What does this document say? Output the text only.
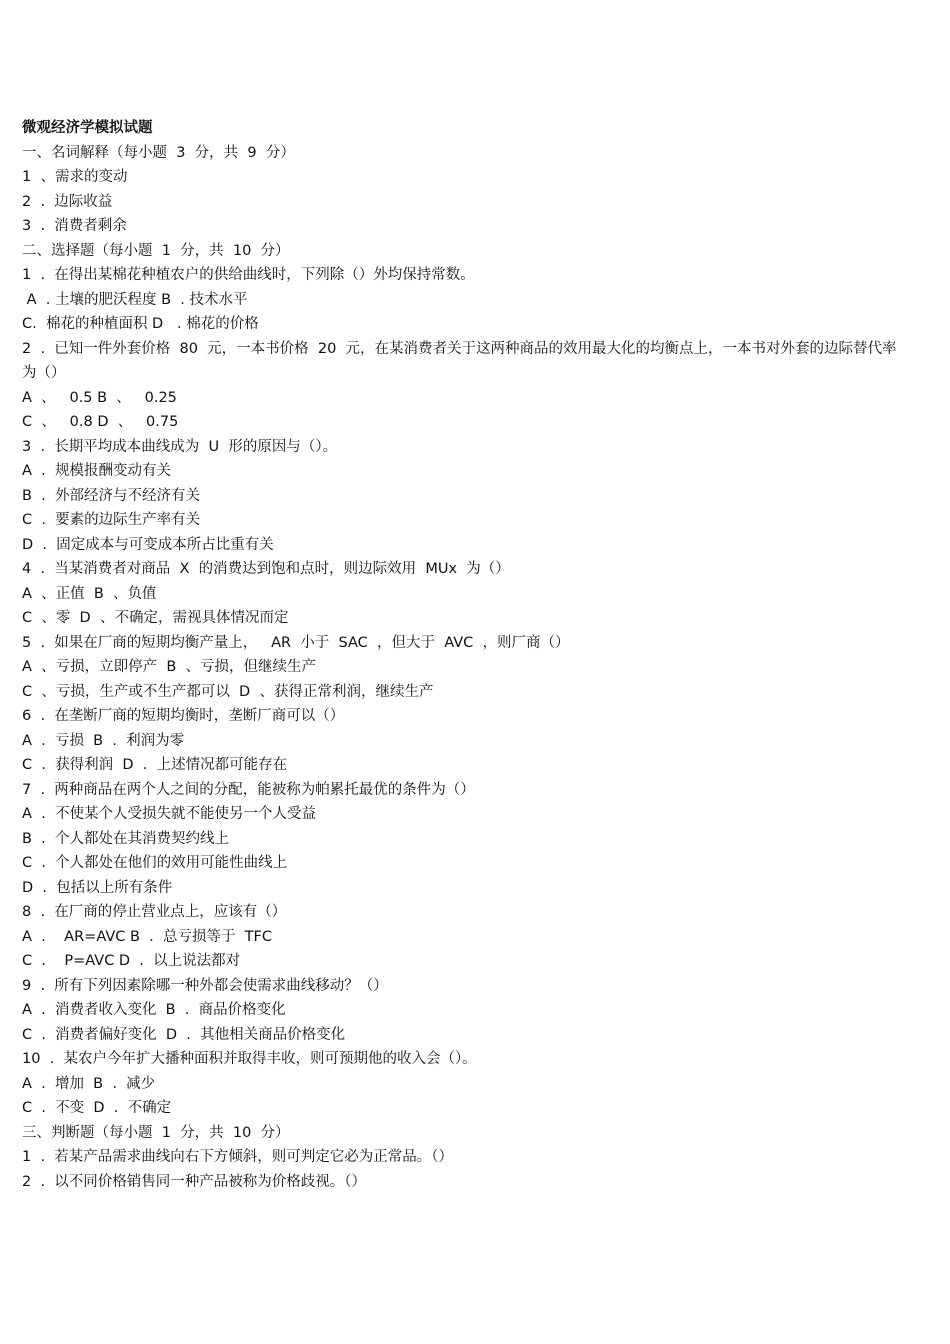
微观经济学模拟试题
一、名词解释（每小题  3  分，共  9  分）
1  、需求的变动
2  .  边际收益
3  .  消费者剩余
二、选择题（每小题  1  分，共  10  分）
1  .  在得出某棉花种植农户的供给曲线时，下列除（）外均保持常数。
A  . 土壤的肥沃程度 B  . 技术水平
C.  棉花的种植面积 D   . 棉花的价格
2  .  已知一件外套价格  80  元，一本书价格  20  元，在某消费者关于这两种商品的效用最大化的均衡点上，一本书对外套的边际替代率为（）
A  、   0.5 B  、   0.25
C  、   0.8 D  、   0.75
3  .  长期平均成本曲线成为  U  形的原因与（）。
A  .  规模报酬变动有关
B  .  外部经济与不经济有关
C  .  要素的边际生产率有关
D  .  固定成本与可变成本所占比重有关
4  .  当某消费者对商品  X  的消费达到饱和点时，则边际效用  MUx  为（）
A  、正值  B  、负值
C  、零  D  、不确定，需视具体情况而定
5  .  如果在厂商的短期均衡产量上，   AR  小于  SAC  ，但大于  AVC  ，则厂商（）
A  、亏损，立即停产  B  、亏损，但继续生产
C  、亏损，生产或不生产都可以  D  、获得正常利润，继续生产
6  .  在垄断厂商的短期均衡时，垄断厂商可以（）
A  .  亏损  B  .  利润为零
C  .  获得利润  D  .  上述情况都可能存在
7  .  两种商品在两个人之间的分配，能被称为帕累托最优的条件为（）
A  .  不使某个人受损失就不能使另一个人受益
B  .  个人都处在其消费契约线上
C  .  个人都处在他们的效用可能性曲线上
D  .  包括以上所有条件
8  .  在厂商的停止营业点上，应该有（）
A  .    AR=AVC B  .  总亏损等于  TFC
C  .    P=AVC D  .  以上说法都对
9  .  所有下列因素除哪一种外都会使需求曲线移动？（）
A  .  消费者收入变化  B  .  商品价格变化
C  .  消费者偏好变化  D  .  其他相关商品价格变化
10  .  某农户今年扩大播种面积并取得丰收，则可预期他的收入会（）。
A  .  增加  B  .  减少
C  .  不变  D  .  不确定
三、判断题（每小题  1  分，共  10  分）
1  .  若某产品需求曲线向右下方倾斜，则可判定它必为正常品。（）
2  .  以不同价格销售同一种产品被称为价格歧视。（）
